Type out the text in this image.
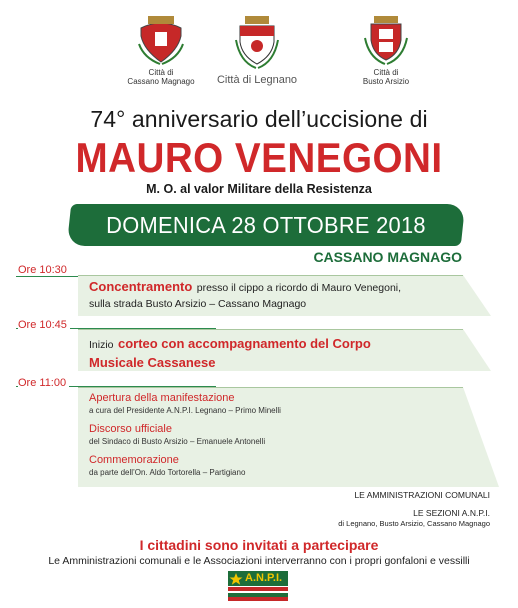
Città di
Cassano Magnago	Città di Legnano
Città di
Busto Arsizio
74° anniversario dell’uccisione di
MAURO VENEGONI
M. O. al valor Militare della Resistenza
DOMENICA 28 OTTOBRE 2018
CASSANO MAGNAGO
Ore 10:30
Concentramento presso il cippo a ricordo di Mauro Venegoni,
sulla strada Busto Arsizio – Cassano Magnago
Ore 10:45
Inizio corteo con accompagnamento del Corpo
Musicale Cassanese
Ore 11:00
Apertura della manifestazione
a cura del Presidente A.N.P.I. Legnano – Primo Minelli
Discorso ufficiale
del Sindaco di Busto Arsizio – Emanuele Antonelli
Commemorazione
da parte dell’On. Aldo Tortorella – Partigiano
LE AMMINISTRAZIONI COMUNALI
LE SEZIONI A.N.P.I.
di Legnano, Busto Arsizio, Cassano Magnago
I cittadini sono invitati a partecipare
Le Amministrazioni comunali e le Associazioni interverranno con i propri gonfaloni e vessilli
A.N.P.I.
